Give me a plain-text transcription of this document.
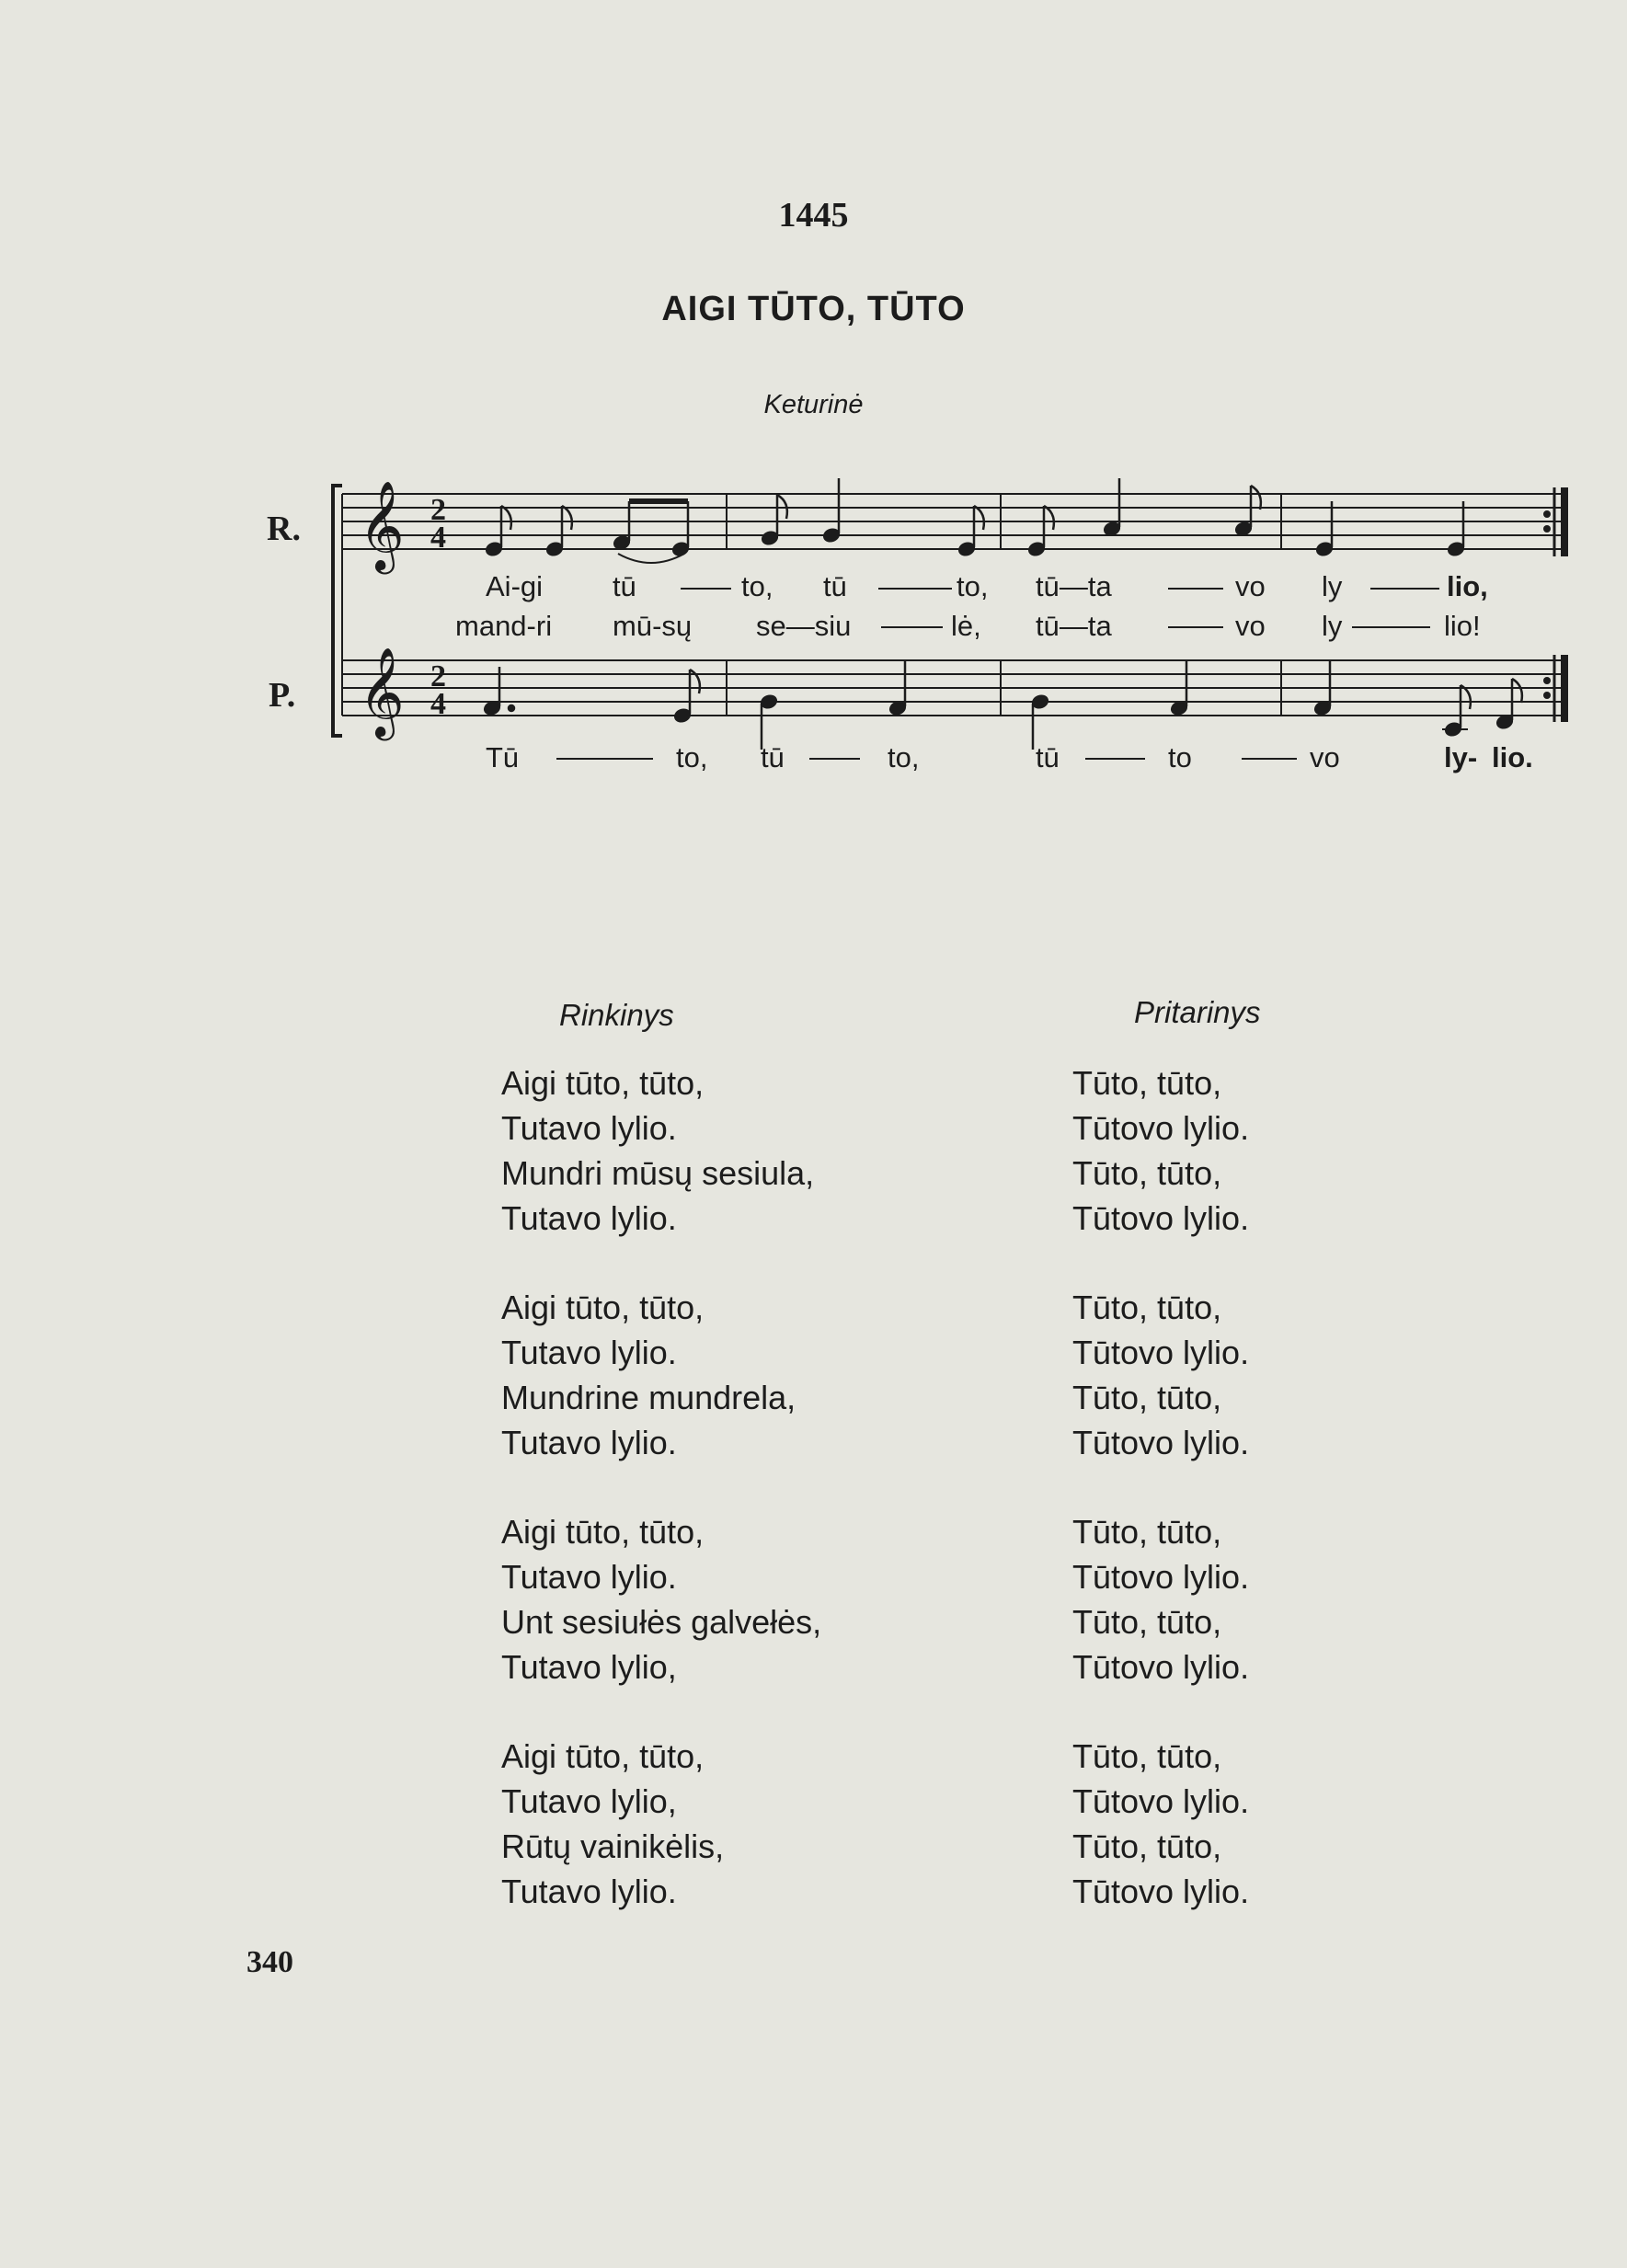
1445
AIGI TŪTO, TŪTO
Keturinė
R.
P.
𝄞
𝄞
2
4
2
4
Ai-gi tū	to, tū	to, tū—ta	vo ly	lio,
mand-ri mū-sų se—siu	lė, tū—ta	vo ly	lio!
Tū	to, tū	to,	tū	to	vo	ly- lio.
Rinkinys	Pritarinys
Aigi tūto, tūto,
Tutavo lylio.
Mundri mūsų sesiula,
Tutavo lylio.
Aigi tūto, tūto,
Tutavo lylio.
Mundrine mundrela,
Tutavo lylio.
Aigi tūto, tūto,
Tutavo lylio.
Unt sesiułės galvełės,
Tutavo lylio,
Aigi tūto, tūto,
Tutavo lylio,
Rūtų vainikėlis,
Tutavo lylio.
Tūto, tūto,
Tūtovo lylio.
Tūto, tūto,
Tūtovo lylio.
Tūto, tūto,
Tūtovo lylio.
Tūto, tūto,
Tūtovo lylio.
Tūto, tūto,
Tūtovo lylio.
Tūto, tūto,
Tūtovo lylio.
Tūto, tūto,
Tūtovo lylio.
Tūto, tūto,
Tūtovo lylio.
340
